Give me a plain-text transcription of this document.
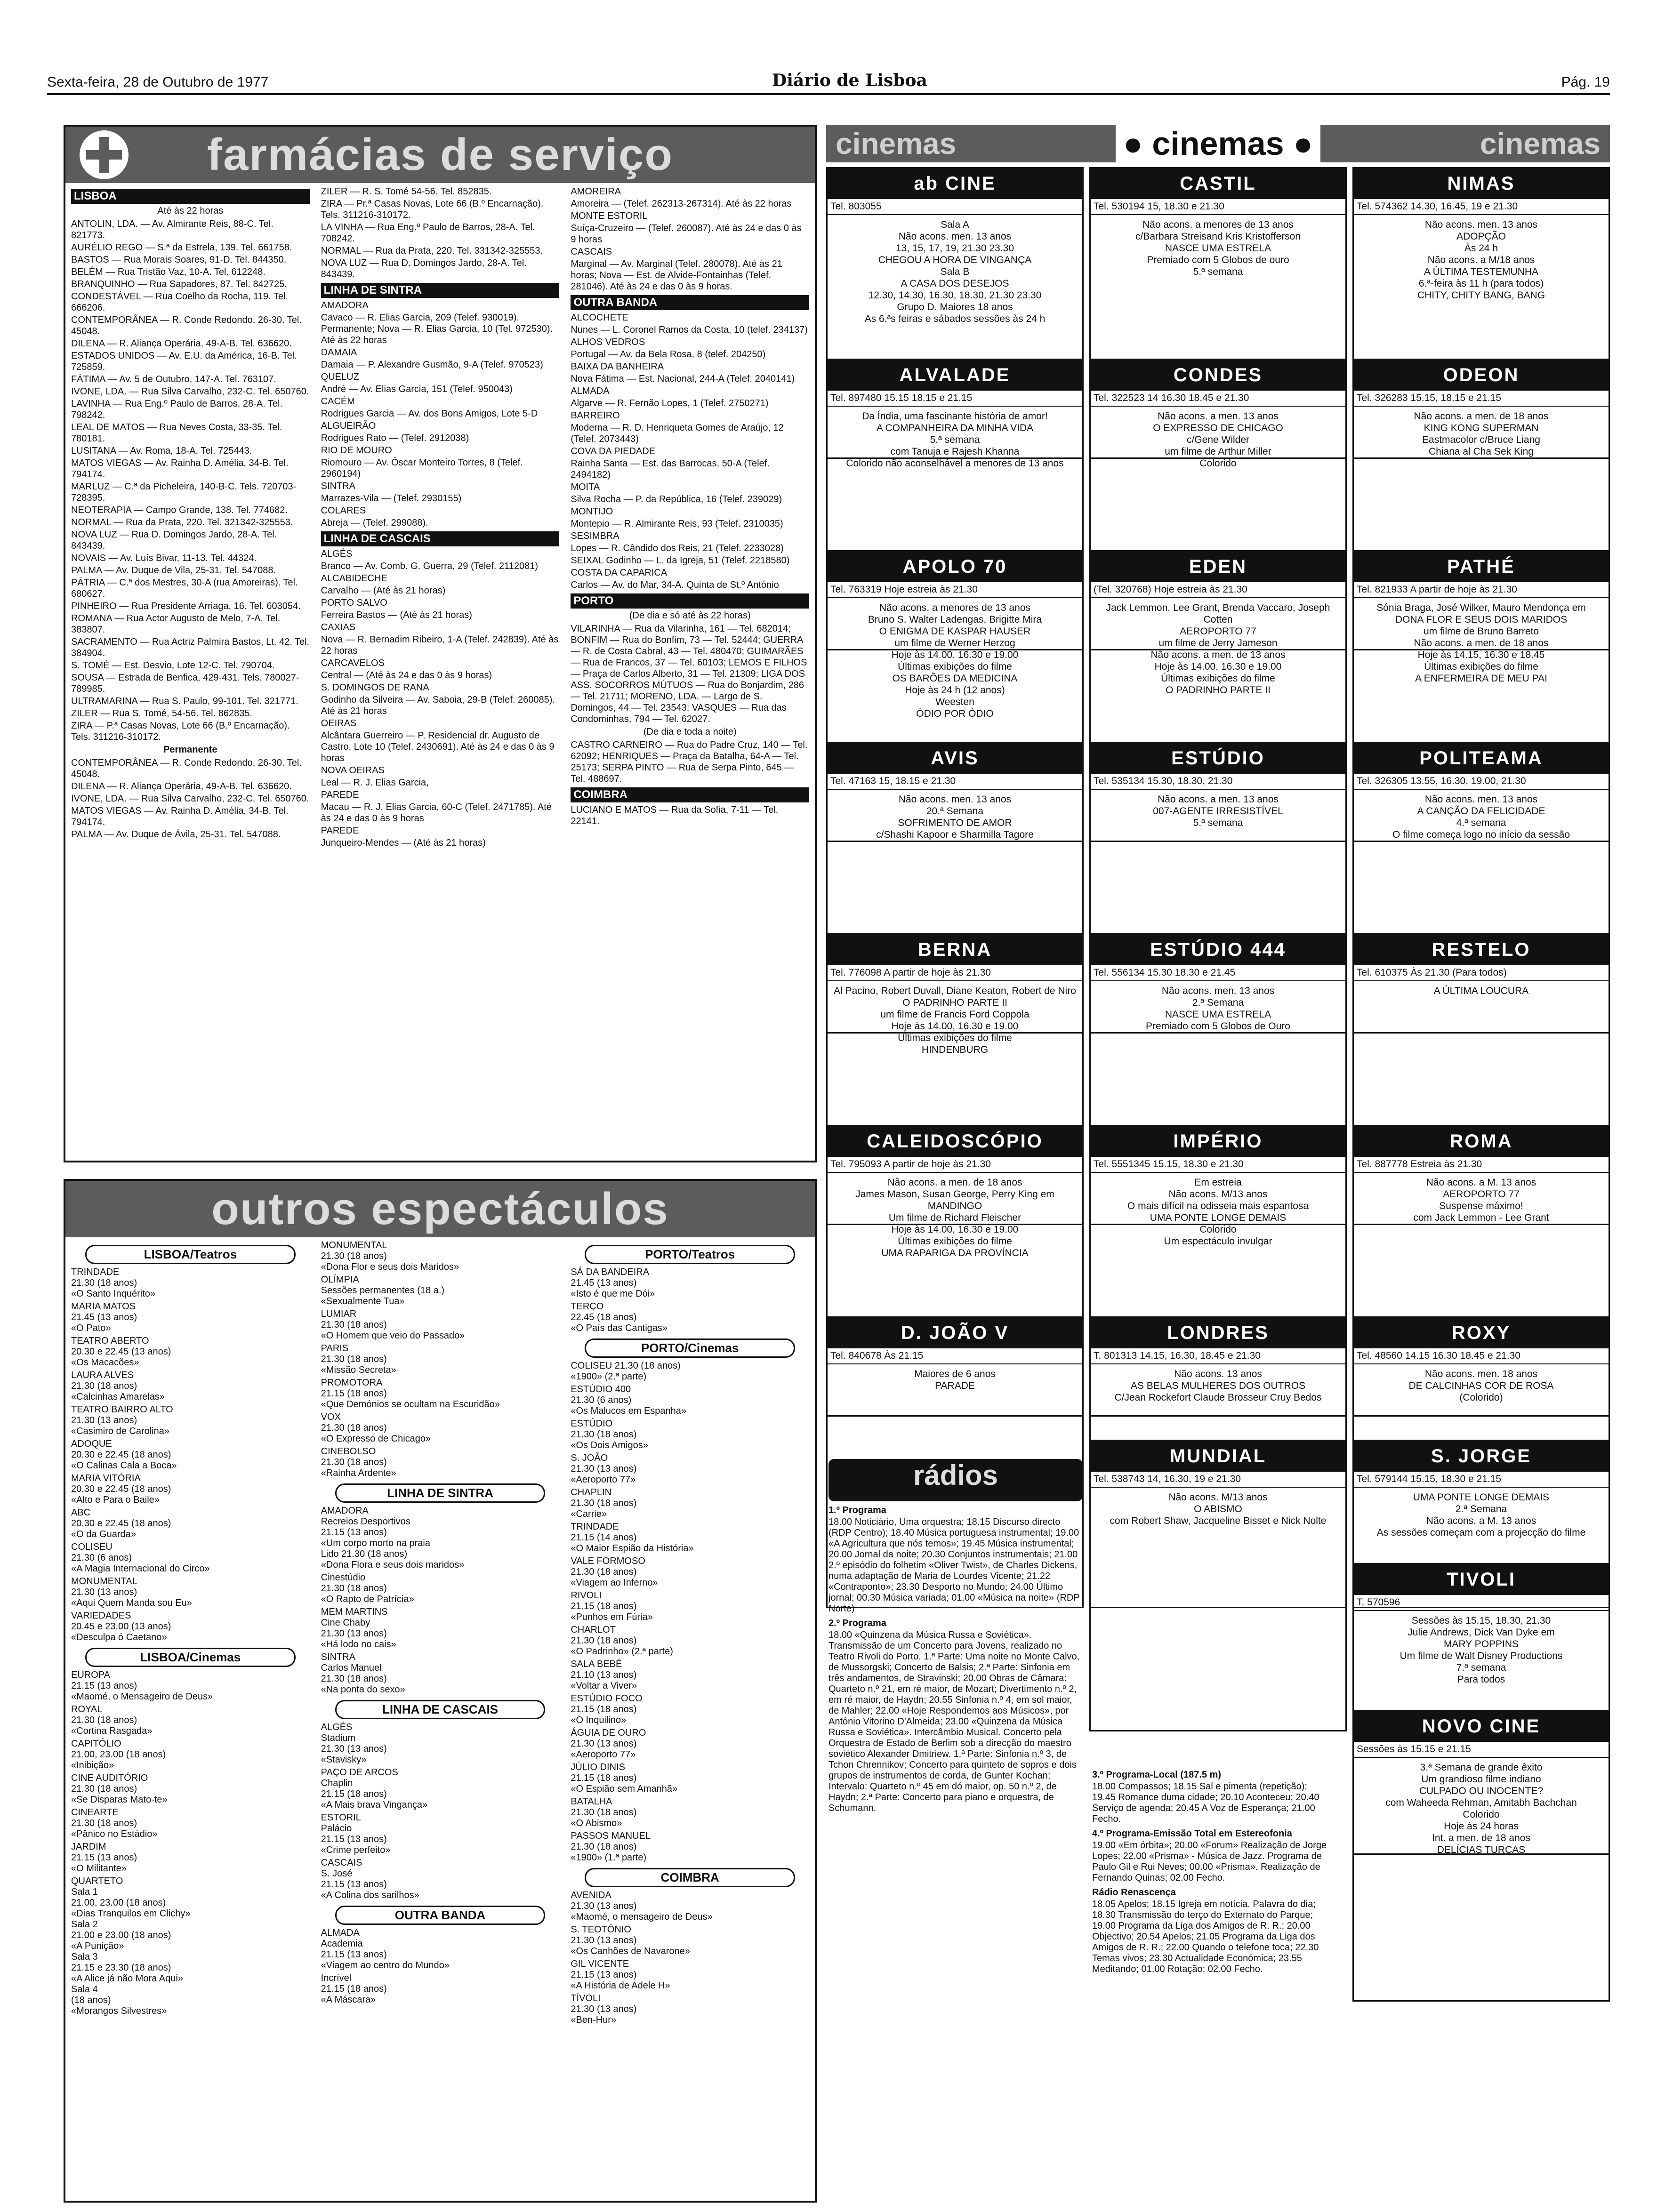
Sexta-feira, 28 de Outubro de 1977	Diário de Lisboa	Pág. 19
farmácias de serviço
LISBOA
Até às 22 horas

ANTOLIN, LDA. — Av. Almirante Reis, 88-C. Tel. 821773.

AURÉLIO REGO — S.ª da Estrela, 139. Tel. 661758.

BASTOS — Rua Morais Soares, 91-D. Tel. 844350.

BELÉM — Rua Tristão Vaz, 10-A. Tel. 612248.

BRANQUINHO — Rua Sapadores, 87. Tel. 842725.

CONDESTÁVEL — Rua Coelho da Rocha, 119. Tel. 666206.

CONTEMPORÂNEA — R. Conde Redondo, 26-30. Tel. 45048.

DILENA — R. Aliança Operária, 49-A-B. Tel. 636620.

ESTADOS UNIDOS — Av. E.U. da América, 16-B. Tel. 725859.

FÁTIMA — Av. 5 de Outubro, 147-A. Tel. 763107.

IVONE, LDA. — Rua Silva Carvalho, 232-C. Tel. 650760.

LAVINHA — Rua Eng.º Paulo de Barros, 28-A. Tel. 798242.

LEAL DE MATOS — Rua Neves Costa, 33-35. Tel. 780181.

LUSITANA — Av. Roma, 18-A. Tel. 725443.

MATOS VIEGAS — Av. Rainha D. Amélia, 34-B. Tel. 794174.

MARLUZ — C.ª da Picheleira, 140-B-C. Tels. 720703-728395.

NEOTERAPIA — Campo Grande, 138. Tel. 774682.

NORMAL — Rua da Prata, 220. Tel. 321342-325553.

NOVA LUZ — Rua D. Domingos Jardo, 28-A. Tel. 843439.

NOVAIS — Av. Luís Bivar, 11-13. Tel. 44324.

PALMA — Av. Duque de Vila, 25-31. Tel. 547088.

PÁTRIA — C.ª dos Mestres, 30-A (rua Amoreiras). Tel. 680627.

PINHEIRO — Rua Presidente Arriaga, 16. Tel. 603054.

ROMANA — Rua Actor Augusto de Melo, 7-A. Tel. 383807.

SACRAMENTO — Rua Actriz Palmira Bastos, Lt. 42. Tel. 384904.

S. TOMÉ — Est. Desvio, Lote 12-C. Tel. 790704.

SOUSA — Estrada de Benfica, 429-431. Tels. 780027-789985.

ULTRAMARINA — Rua S. Paulo, 99-101. Tel. 321771.

ZILER — Rua S. Tomé, 54-56. Tel. 862835.

ZIRA — P.ª Casas Novas, Lote 66 (B.º Encarnação). Tels. 311216-310172.

Permanente

CONTEMPORÂNEA — R. Conde Redondo, 26-30. Tel. 45048.

DILENA — R. Aliança Operária, 49-A-B. Tel. 636620.

IVONE, LDA. — Rua Silva Carvalho, 232-C. Tel. 650760.

MATOS VIEGAS — Av. Rainha D. Amélia, 34-B. Tel. 794174.

PALMA — Av. Duque de Ávila, 25-31. Tel. 547088.

ZILER — R. S. Tomé 54-56. Tel. 852835.

ZIRA — Pr.ª Casas Novas, Lote 66 (B.º Encarnação). Tels. 311216-310172.

LA VINHA — Rua Eng.º Paulo de Barros, 28-A. Tel. 708242.

NORMAL — Rua da Prata, 220. Tel. 331342-325553.

NOVA LUZ — Rua D. Domingos Jardo, 28-A. Tel. 843439.

LINHA DE SINTRA

AMADORA

Cavaco — R. Elias Garcia, 209 (Telef. 930019). Permanente; Nova — R. Elias Garcia, 10 (Tel. 972530). Até às 22 horas

DAMAIA

Damaia — P. Alexandre Gusmão, 9-A (Telef. 970523)

QUELUZ

André — Av. Elias Garcia, 151 (Telef. 950043)

CACÉM

Rodrigues Garcia — Av. dos Bons Amigos, Lote 5-D

ALGUEIRÃO

Rodrigues Rato — (Telef. 2912038)

RIO DE MOURO

Riomouro — Av. Óscar Monteiro Torres, 8 (Telef. 2960194)

SINTRA

Marrazes-Vila — (Telef. 2930155)

COLARES

Abreja — (Telef. 299088).

LINHA DE CASCAIS

ALGÉS

Branco — Av. Comb. G. Guerra, 29 (Telef. 2112081)

ALCABIDECHE

Carvalho — (Até às 21 horas)

PORTO SALVO

Ferreira Bastos — (Até às 21 horas)

CAXIAS

Nova — R. Bernadim Ribeiro, 1-A (Telef. 242839). Até às 22 horas

CARCAVELOS

Central — (Até às 24 e das 0 às 9 horas)

S. DOMINGOS DE RANA

Godinho da Silveira — Av. Saboia, 29-B (Telef. 260085). Até às 21 horas

OEIRAS

Alcântara Guerreiro — P. Residencial dr. Augusto de Castro, Lote 10 (Telef. 2430691). Até às 24 e das 0 às 9 horas

NOVA OEIRAS

Leal — R. J. Elias Garcia,

PAREDE

Macau — R. J. Elias Garcia, 60-C (Telef. 2471785). Até às 24 e das 0 às 9 horas

PAREDE

Junqueiro-Mendes — (Até às 21 horas)

AMOREIRA

Amoreira — (Telef. 262313-267314). Até às 22 horas

MONTE ESTORIL

Suíça-Cruzeiro — (Telef. 260087). Até às 24 e das 0 às 9 horas

CASCAIS

Marginal — Av. Marginal (Telef. 280078). Até às 21 horas; Nova — Est. de Alvide-Fontainhas (Telef. 281046). Até às 24 e das 0 às 9 horas.

OUTRA BANDA

ALCOCHETE

Nunes — L. Coronel Ramos da Costa, 10 (telef. 234137)

ALHOS VEDROS

Portugal — Av. da Bela Rosa, 8 (telef. 204250)

BAIXA DA BANHEIRA

Nova Fátima — Est. Nacional, 244-A (Telef. 2040141)

ALMADA

Algarve — R. Fernão Lopes, 1 (Telef. 2750271)

BARREIRO

Moderna — R. D. Henriqueta Gomes de Araújo, 12 (Telef. 2073443)

COVA DA PIEDADE

Rainha Santa — Est. das Barrocas, 50-A (Telef. 2494182)

MOITA

Silva Rocha — P. da República, 16 (Telef. 239029)

MONTIJO

Montepio — R. Almirante Reis, 93 (Telef. 2310035)

SESIMBRA

Lopes — R. Cândido dos Reis, 21 (Telef. 2233028)

SEIXAL Godinho — L. da Igreja, 51 (Telef. 2218580)

COSTA DA CAPARICA

Carlos — Av. do Mar, 34-A. Quinta de St.º António

PORTO
(De dia e só até às 22 horas)

VILARINHA — Rua da Vilarinha, 161 — Tel. 682014; BONFIM — Rua do Bonfim, 73 — Tel. 52444; GUERRA — R. de Costa Cabral, 43 — Tel. 480470; GUIMARÃES — Rua de Francos, 37 — Tel. 60103; LEMOS E FILHOS — Praça de Carlos Alberto, 31 — Tel. 21309; LIGA DOS ASS. SOCORROS MÚTUOS — Rua do Bonjardim, 286 — Tel. 21711; MORENO, LDA. — Largo de S. Domingos, 44 — Tel. 23543; VASQUES — Rua das Condominhas, 794 — Tel. 62027.

(De dia e toda a noite)

CASTRO CARNEIRO — Rua do Padre Cruz, 140 — Tel. 62092; HENRIQUES — Praça da Batalha, 64-A — Tel. 25173; SERPA PINTO — Rua de Serpa Pinto, 645 — Tel. 488697.

COIMBRA

LUCIANO E MATOS — Rua da Sofia, 7-11 — Tel. 22141.

outros espectáculos
LISBOA/Teatros

TRINDADE
21.30 (18 anos)
«O Santo Inquérito»

MARIA MATOS
21.45 (13 anos)
«O Pato»

TEATRO ABERTO
20.30 e 22.45 (13 anos)
«Os Macacões»

LAURA ALVES
21.30 (18 anos)
«Calcinhas Amarelas»

TEATRO BAIRRO ALTO
21.30 (13 anos)
«Casimiro de Carolina»

ADOQUE
20.30 e 22.45 (18 anos)
«O Calinas Cala a Boca»

MARIA VITÓRIA
20.30 e 22.45 (18 anos)
«Alto e Para o Baile»

ABC
20.30 e 22.45 (18 anos)
«O da Guarda»

COLISEU
21.30 (6 anos)
«A Magia Internacional do Circo»

MONUMENTAL
21.30 (13 anos)
«Aqui Quem Manda sou Eu»

VARIEDADES
20.45 e 23.00 (13 anos)
«Desculpa ó Caetano»

LISBOA/Cinemas

EUROPA
21.15 (13 anos)
«Maomé, o Mensageiro de Deus»

ROYAL
21.30 (18 anos)
«Cortina Rasgada»

CAPITÓLIO
21.00, 23.00 (18 anos)
«Inibição»

CINE AUDITÓRIO
21.30 (18 anos)
«Se Disparas Mato-te»

CINEARTE
21.30 (18 anos)
«Pânico no Estádio»

JARDIM
21.15 (13 anos)
«O Militante»

QUARTETO
Sala 1
21.00, 23.00 (18 anos)
«Dias Tranquilos em Clichy»
Sala 2
21.00 e 23.00 (18 anos)
«A Punição»
Sala 3
21.15 e 23.30 (18 anos)
«A Alice já não Mora Aqui»
Sala 4
(18 anos)
«Morangos Silvestres»

MONUMENTAL
21.30 (18 anos)
«Dona Flor e seus dois Maridos»

OLÍMPIA
Sessões permanentes (18 a.)
«Sexualmente Tua»

LUMIAR
21.30 (18 anos)
«O Homem que veio do Passado»

PARIS
21.30 (18 anos)
«Missão Secreta»

PROMOTORA
21.15 (18 anos)
«Que Demónios se ocultam na Escuridão»

VOX
21.30 (18 anos)
«O Expresso de Chicago»

CINEBOLSO
21.30 (18 anos)
«Rainha Ardente»

LINHA DE SINTRA

AMADORA
Recreios Desportivos
21.15 (13 anos)
«Um corpo morto na praia
Lido 21.30 (18 anos)
«Dona Flora e seus dois maridos»

Cinestúdio
21.30 (18 anos)
«O Rapto de Patrícia»

MEM MARTINS
Cine Chaby
21.30 (13 anos)
«Há lodo no cais»

SINTRA
Carlos Manuel
21.30 (18 anos)
«Na ponta do sexo»

LINHA DE CASCAIS

ALGÉS
Stadium
21.30 (13 anos)
«Stavisky»

PAÇO DE ARCOS
Chaplin
21.15 (18 anos)
«A Mais brava Vingança»

ESTORIL
Palácio
21.15 (13 anos)
«Crime perfeito»

CASCAIS
S. José
21.15 (13 anos)
«A Colina dos sarilhos»

OUTRA BANDA

ALMADA
Academia
21.15 (13 anos)
«Viagem ao centro do Mundo»

Incrível
21.15 (18 anos)
«A Máscara»

PORTO/Teatros

SÁ DA BANDEIRA
21.45 (13 anos)
«Isto é que me Dói»

TERÇO
22.45 (18 anos)
«O País das Cantigas»

PORTO/Cinemas

COLISEU 21.30 (18 anos)
«1900» (2.ª parte)

ESTÚDIO 400
21.30 (6 anos)
«Os Malucos em Espanha»

ESTÚDIO
21.30 (18 anos)
«Os Dois Amigos»

S. JOÃO
21.30 (13 anos)
«Aeroporto 77»

CHAPLIN
21.30 (18 anos)
«Carrie»

TRINDADE
21.15 (14 anos)
«O Maior Espião da História»

VALE FORMOSO
21.30 (18 anos)
«Viagem ao Inferno»

RIVOLI
21.15 (18 anos)
«Punhos em Fúria»

CHARLOT
21.30 (18 anos)
«O Padrinho» (2.ª parte)

SALA BEBÉ
21.10 (13 anos)
«Voltar a Viver»

ESTÚDIO FOCO
21.15 (18 anos)
«O Inquilino»

ÁGUIA DE OURO
21.30 (13 anos)
«Aeroporto 77»

JÚLIO DINIS
21.15 (18 anos)
«O Espião sem Amanhã»

BATALHA
21.30 (18 anos)
«O Abismo»

PASSOS MANUEL
21.30 (18 anos)
«1900» (1.ª parte)

COIMBRA

AVENIDA
21.30 (13 anos)
«Maomé, o mensageiro de Deus»

S. TEOTÓNIO
21.30 (13 anos)
«Os Canhões de Navarone»

GIL VICENTE
21.15 (13 anos)
«A História de Adele H»

TÍVOLI
21.30 (13 anos)
«Ben-Hur»

cinemas	● cinemas ●	cinemas
ab CINE
Tel. 803055
Sala A
Não acons. men. 13 anos
13, 15, 17, 19, 21.30 23.30
CHEGOU A HORA DE VINGANÇA
Sala B
A CASA DOS DESEJOS
12.30, 14.30, 16.30, 18.30, 21.30 23.30
Grupo D. Maiores 18 anos
As 6.ªs feiras e sábados sessões às 24 h
CASTIL
Tel. 530194 15, 18.30 e 21.30
Não acons. a menores de 13 anos
c/Barbara Streisand Kris Kristofferson
NASCE UMA ESTRELA
Premiado com 5 Globos de ouro
5.ª semana
NIMAS
Tel. 574362 14.30, 16.45, 19 e 21.30
Não acons. men. 13 anos
ADOPÇÃO
Às 24 h
Não acons. a M/18 anos
A ÚLTIMA TESTEMUNHA
6.ª-feira às 11 h (para todos)
CHITY, CHITY BANG, BANG
ALVALADE
Tel. 897480 15.15 18.15 e 21.15
Da Índia, uma fascinante história de amor!
A COMPANHEIRA DA MINHA VIDA
5.ª semana
com Tanuja e Rajesh Khanna
Colorido não aconselhável a menores de 13 anos
CONDES
Tel. 322523 14 16.30 18.45 e 21.30
Não acons. a men. 13 anos
O EXPRESSO DE CHICAGO
c/Gene Wilder
um filme de Arthur Miller
Colorido
ODEON
Tel. 326283 15.15, 18.15 e 21.15
Não acons. a men. de 18 anos
KING KONG SUPERMAN
Eastmacolor c/Bruce Liang
Chiana al Cha Sek King
APOLO 70
Tel. 763319 Hoje estreia às 21.30
Não acons. a menores de 13 anos
Bruno S. Walter Ladengas, Brigitte Mira
O ENIGMA DE KASPAR HAUSER
um filme de Werner Herzog
Hoje às 14.00, 16.30 e 19.00
Últimas exibições do filme
OS BARÕES DA MEDICINA
Hoje às 24 h (12 anos)
Weesten
ÓDIO POR ÓDIO
EDEN
(Tel. 320768) Hoje estreia às 21.30
Jack Lemmon, Lee Grant, Brenda Vaccaro, Joseph Cotten
AEROPORTO 77
um filme de Jerry Jameson
Não acons. a men. de 13 anos
Hoje às 14.00, 16.30 e 19.00
Últimas exibições do filme
O PADRINHO PARTE II
PATHÉ
Tel. 821933 A partir de hoje às 21.30
Sónia Braga, José Wilker, Mauro Mendonça em
DONA FLOR E SEUS DOIS MARIDOS
um filme de Bruno Barreto
Não acons. a men. de 18 anos
Hoje às 14.15, 16.30 e 18.45
Últimas exibições do filme
A ENFERMEIRA DE MEU PAI
AVIS
Tel. 47163 15, 18.15 e 21.30
Não acons. men. 13 anos
20.ª Semana
SOFRIMENTO DE AMOR
c/Shashi Kapoor e Sharmilla Tagore
ESTÚDIO
Tel. 535134 15.30, 18.30, 21.30
Não acons. a men. 13 anos
007-AGENTE IRRESISTÍVEL
5.ª semana
POLITEAMA
Tel. 326305 13.55, 16.30, 19.00, 21.30
Não acons. men. 13 anos
A CANÇÃO DA FELICIDADE
4.ª semana
O filme começa logo no início da sessão
BERNA
Tel. 776098 A partir de hoje às 21.30
Al Pacino, Robert Duvall, Diane Keaton, Robert de Niro
O PADRINHO PARTE II
um filme de Francis Ford Coppola
Hoje às 14.00, 16.30 e 19.00
Últimas exibições do filme
HINDENBURG
ESTÚDIO 444
Tel. 556134 15.30 18.30 e 21.45
Não acons. men. 13 anos
2.ª Semana
NASCE UMA ESTRELA
Premiado com 5 Globos de Ouro
RESTELO
Tel. 610375 Às 21.30 (Para todos)
A ÚLTIMA LOUCURA
CALEIDOSCÓPIO
Tel. 795093 A partir de hoje às 21.30
Não acons. a men. de 18 anos
James Mason, Susan George, Perry King em
MANDINGO
Um filme de Richard Fleischer
Hoje às 14.00, 16.30 e 19.00
Últimas exibições do filme
UMA RAPARIGA DA PROVÍNCIA
IMPÉRIO
Tel. 5551345 15.15, 18.30 e 21.30
Em estreia
Não acons. M/13 anos
O mais difícil na odisseia mais espantosa
UMA PONTE LONGE DEMAIS
Colorido
Um espectáculo invulgar
ROMA
Tel. 887778 Estreia às 21.30
Não acons. a M. 13 anos
AEROPORTO 77
Suspense máximo!
com Jack Lemmon - Lee Grant
LONDRES
T. 801313 14.15, 16.30, 18.45 e 21.30
Não acons. 13 anos
AS BELAS MULHERES DOS OUTROS
C/Jean Rockefort Claude Brosseur Cruy Bedos
MUNDIAL
Tel. 538743 14, 16.30, 19 e 21.30
Não acons. M/13 anos
O ABISMO
com Robert Shaw, Jacqueline Bisset e Nick Nolte
ROXY
Tel. 48560 14.15 16.30 18.45 e 21.30
Não acons. men. 18 anos
DE CALCINHAS COR DE ROSA
(Colorido)
S. JORGE
Tel. 579144 15.15, 18.30 e 21.15
UMA PONTE LONGE DEMAIS
2.ª Semana
Não acons. a M. 13 anos
As sessões começam com a projecção do filme
TIVOLI
T. 570596
Sessões às 15.15, 18.30, 21.30
Julie Andrews, Dick Van Dyke em
MARY POPPINS
Um filme de Walt Disney Productions
7.ª semana
Para todos
NOVO CINE
Sessões às 15.15 e 21.15
3.ª Semana de grande êxito
Um grandioso filme indiano
CULPADO OU INOCENTE?
com Waheeda Rehman, Amitabh Bachchan
Colorido
Hoje às 24 horas
Int. a men. de 18 anos
DELÍCIAS TURCAS
D. JOÃO V
Tel. 840678 Às 21.15
Maiores de 6 anos
PARADE
rádios

1.º Programa

18.00 Noticiário, Uma orquestra; 18.15 Discurso directo (RDP Centro); 18.40 Música portuguesa instrumental; 19.00 «A Agricultura que nós temos»; 19.45 Música instrumental; 20.00 Jornal da noite; 20.30 Conjuntos instrumentais; 21.00 2.º episódio do folhetim «Oliver Twist», de Charles Dickens, numa adaptação de Maria de Lourdes Vicente; 21.22 «Contraponto»; 23.30 Desporto no Mundo; 24.00 Último jornal; 00.30 Música variada; 01.00 «Música na noite» (RDP Norte)

2.º Programa

18.00 «Quinzena da Música Russa e Soviética». Transmissão de um Concerto para Jovens, realizado no Teatro Rivoli do Porto. 1.ª Parte: Uma noite no Monte Calvo, de Mussorgski; Concerto de Balsis; 2.ª Parte: Sinfonia em três andamentos, de Stravinski; 20.00 Obras de Câmara: Quarteto n.º 21, em ré maior, de Mozart; Divertimento n.º 2, em ré maior, de Haydn; 20.55 Sinfonia n.º 4, em sol maior, de Mahler; 22.00 «Hoje Respondemos aos Músicos», por António Vitorino D'Almeida; 23.00 «Quinzena da Música Russa e Soviética». Intercâmbio Musical. Concerto pela Orquestra de Estado de Berlim sob a direcção do maestro soviético Alexander Dmitriew. 1.ª Parte: Sinfonia n.º 3, de Tchon Chrennikov; Concerto para quinteto de sopros e dois grupos de instrumentos de corda, de Gunter Kochan; Intervalo: Quarteto n.º 45 em dó maior, op. 50 n.º 2, de Haydn; 2.ª Parte: Concerto para piano e orquestra, de Schumann.

3.º Programa-Local (187.5 m)

18.00 Compassos; 18.15 Sal e pimenta (repetição); 19.45 Romance duma cidade; 20.10 Aconteceu; 20.40 Serviço de agenda; 20.45 A Voz de Esperança; 21.00 Fecho.

4.º Programa-Emissão Total em Estereofonia

19.00 «Em órbita»; 20.00 «Forum» Realização de Jorge Lopes; 22.00 «Prisma» - Música de Jazz. Programa de Paulo Gil e Rui Neves; 00.00 «Prisma». Realização de Fernando Quinas; 02.00 Fecho.

Rádio Renascença

18.05 Apelos; 18.15 Igreja em notícia. Palavra do dia; 18.30 Transmissão do terço do Externato do Parque; 19.00 Programa da Liga dos Amigos de R. R.; 20.00 Objectivo; 20.54 Apelos; 21.05 Programa da Liga dos Amigos de R. R.; 22.00 Quando o telefone toca; 22.30 Temas vivos; 23.30 Actualidade Económica; 23.55 Meditando; 01.00 Rotação; 02.00 Fecho.
